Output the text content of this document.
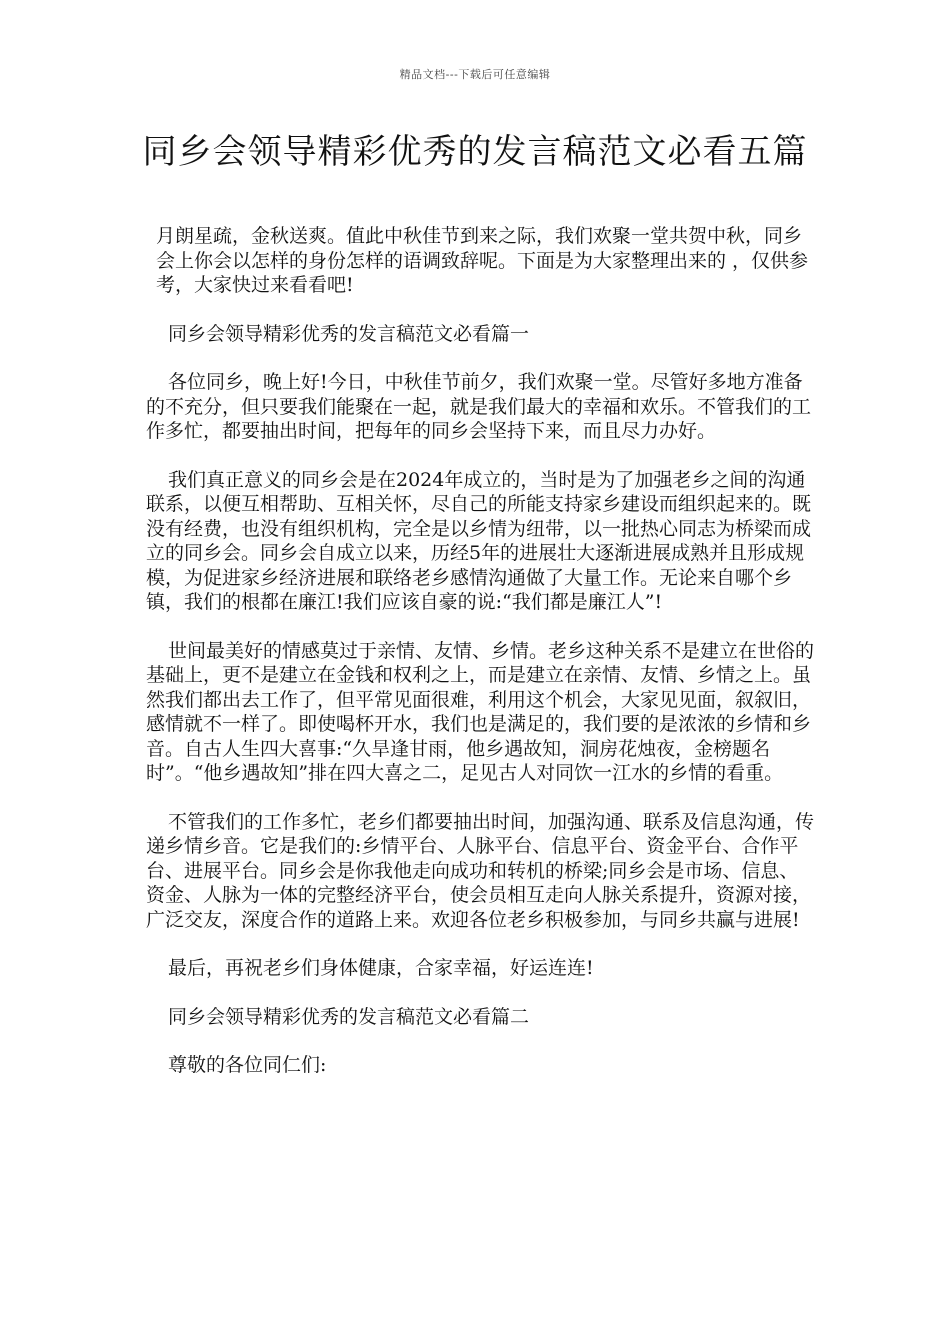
精品文档---下载后可任意编辑
同乡会领导精彩优秀的发言稿范文必看五篇

月朗星疏，金秋送爽。值此中秋佳节到来之际，我们欢聚一堂共贺中秋，同乡会上你会以怎样的身份怎样的语调致辞呢。下面是为大家整理出来的 ，仅供参考，大家快过来看看吧!

同乡会领导精彩优秀的发言稿范文必看篇一

各位同乡，晚上好!今日，中秋佳节前夕，我们欢聚一堂。尽管好多地方准备的不充分，但只要我们能聚在一起，就是我们最大的幸福和欢乐。不管我们的工作多忙，都要抽出时间，把每年的同乡会坚持下来，而且尽力办好。

我们真正意义的同乡会是在2024年成立的，当时是为了加强老乡之间的沟通联系，以便互相帮助、互相关怀，尽自己的所能支持家乡建设而组织起来的。既没有经费，也没有组织机构，完全是以乡情为纽带，以一批热心同志为桥梁而成立的同乡会。同乡会自成立以来，历经5年的进展壮大逐渐进展成熟并且形成规模，为促进家乡经济进展和联络老乡感情沟通做了大量工作。无论来自哪个乡镇，我们的根都在廉江!我们应该自豪的说:“我们都是廉江人”!

世间最美好的情感莫过于亲情、友情、乡情。老乡这种关系不是建立在世俗的基础上，更不是建立在金钱和权利之上，而是建立在亲情、友情、乡情之上。虽然我们都出去工作了，但平常见面很难，利用这个机会，大家见见面，叙叙旧，感情就不一样了。即使喝杯开水，我们也是满足的，我们要的是浓浓的乡情和乡音。自古人生四大喜事:“久旱逢甘雨，他乡遇故知，洞房花烛夜，金榜题名时”。“他乡遇故知”排在四大喜之二，足见古人对同饮一江水的乡情的看重。

不管我们的工作多忙，老乡们都要抽出时间，加强沟通、联系及信息沟通，传递乡情乡音。它是我们的:乡情平台、人脉平台、信息平台、资金平台、合作平台、进展平台。同乡会是你我他走向成功和转机的桥梁;同乡会是市场、信息、资金、人脉为一体的完整经济平台，使会员相互走向人脉关系提升，资源对接，广泛交友，深度合作的道路上来。欢迎各位老乡积极参加，与同乡共赢与进展!

最后，再祝老乡们身体健康，合家幸福，好运连连!

同乡会领导精彩优秀的发言稿范文必看篇二

尊敬的各位同仁们:
